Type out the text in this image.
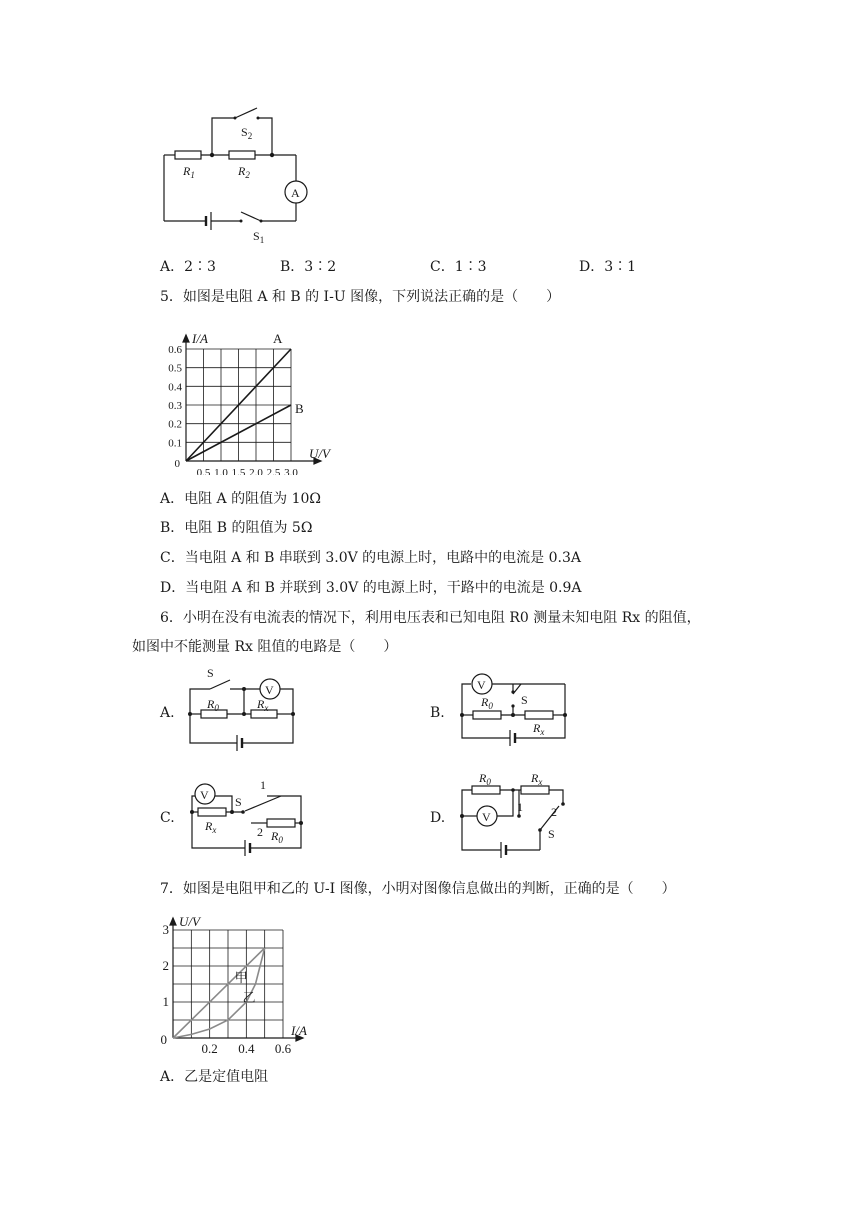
$S_2$
$R_1$	$R_2$
A
$S_1$
A．2∶3	B．3∶2	C．1∶3	D．3∶1
5．如图是电阻 A 和 B 的 I-U 图像，下列说法正确的是（　　）
0.5 1.0 1.5 2.0 2.5 3.0
0.1
0.2
0.3
0.4
0.5
0.6
0
U/V
I/A	A
B
A．电阻 A 的阻值为 10Ω
B．电阻 B 的阻值为 5Ω
C．当电阻 A 和 B 串联到 3.0V 的电源上时，电路中的电流是 0.3A
D．当电阻 A 和 B 并联到 3.0V 的电源上时，干路中的电流是 0.9A
6．小明在没有电流表的情况下，利用电压表和已知电阻 R0 测量未知电阻 Rx 的阻值，
如图中不能测量 Rx 阻值的电路是（　　）
A.
S
V
$R_0$	$R_x$	B.
V
S
$R_0$
$R_x$
C.
V S
1
2
$R_x$	$R_0$
D.
$R_0$	$R_x$
V
1 2
S
7．如图是电阻甲和乙的 U-I 图像，小明对图像信息做出的判断，正确的是（　　）
0.2 0.4 0.6
1
2
3
0
I/A
U/V
甲
乙
A．乙是定值电阻
